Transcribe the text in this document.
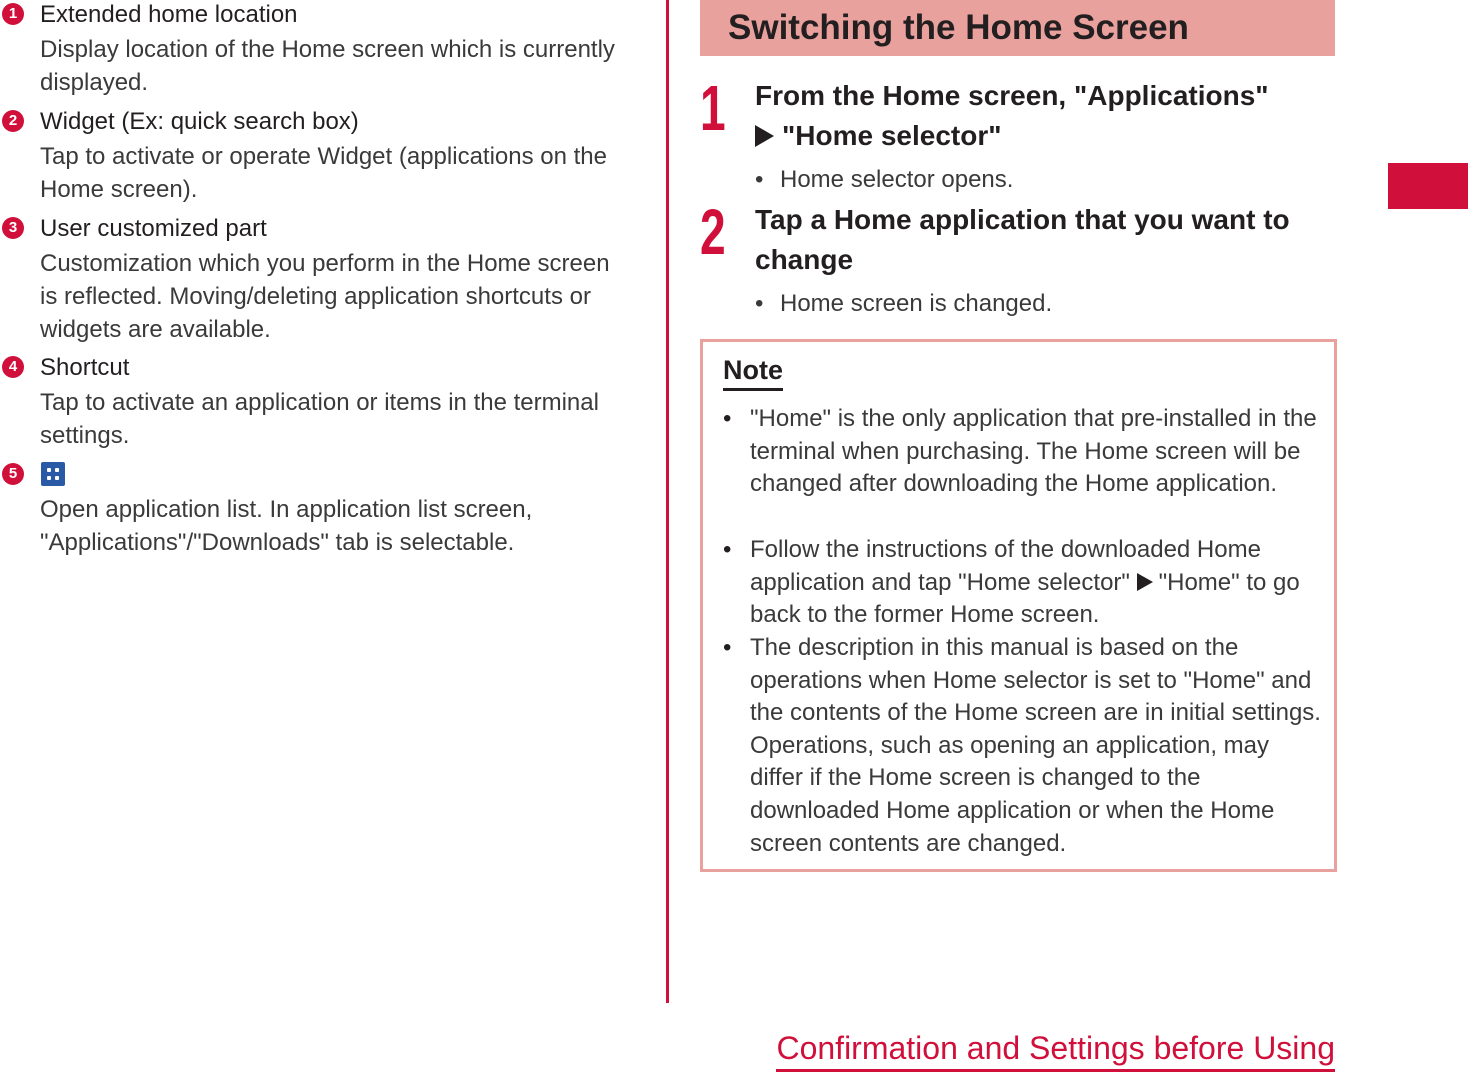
1 Extended home location
Display location of the Home screen which is currently displayed.
2 Widget (Ex: quick search box)
Tap to activate or operate Widget (applications on the Home screen).
3 User customized part
Customization which you perform in the Home screen is reflected. Moving/deleting application shortcuts or widgets are available.
4 Shortcut
Tap to activate an application or items in the terminal settings.
5
Open application list. In application list screen, "Applications"/"Downloads" tab is selectable.
Switching the Home Screen
1 From the Home screen, "Applications"
"Home selector"
• Home selector opens.
2 Tap a Home application that you want to change
• Home screen is changed.
Note
• "Home" is the only application that pre-installed in the terminal when purchasing. The Home screen will be changed after downloading the Home application.
• Follow the instructions of the downloaded Home application and tap "Home selector" "Home" to go back to the former Home screen.
• The description in this manual is based on the operations when Home selector is set to "Home" and the contents of the Home screen are in initial settings. Operations, such as opening an application, may differ if the Home screen is changed to the downloaded Home application or when the Home screen contents are changed.
Confirmation and Settings before Using
